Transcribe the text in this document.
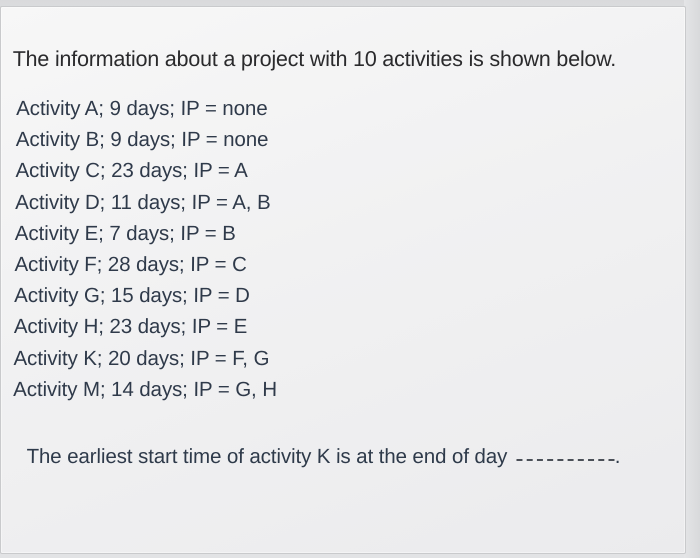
The information about a project with 10 activities is shown below.
Activity A; 9 days; IP = none
Activity B; 9 days; IP = none
Activity C; 23 days; IP = A
Activity D; 11 days; IP = A, B
Activity E; 7 days; IP = B
Activity F; 28 days; IP = C
Activity G; 15 days; IP = D
Activity H; 23 days; IP = E
Activity K; 20 days; IP = F, G
Activity M; 14 days; IP = G, H
The earliest start time of activity K is at the end of day	.
